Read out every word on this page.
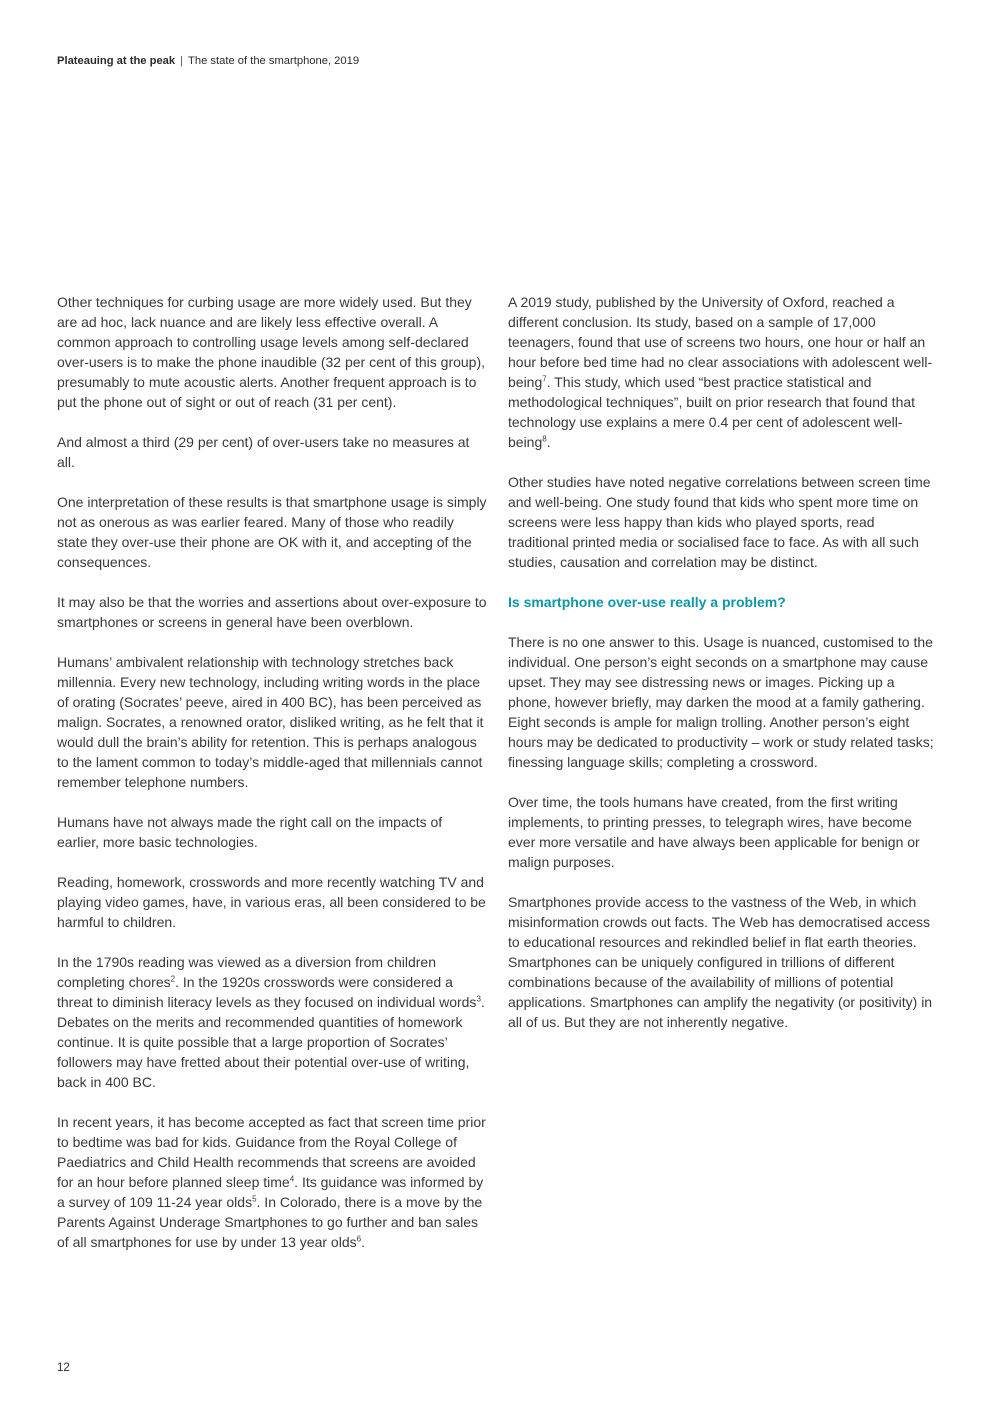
Plateauing at the peak | The state of the smartphone, 2019

Other techniques for curbing usage are more widely used. But they are ad hoc, lack nuance and are likely less effective overall. A common approach to controlling usage levels among self-declared over-users is to make the phone inaudible (32 per cent of this group), presumably to mute acoustic alerts. Another frequent approach is to put the phone out of sight or out of reach (31 per cent).

And almost a third (29 per cent) of over-users take no measures at all.

One interpretation of these results is that smartphone usage is simply not as onerous as was earlier feared. Many of those who readily state they over-use their phone are OK with it, and accepting of the consequences.

It may also be that the worries and assertions about over-exposure to smartphones or screens in general have been overblown.

Humans’ ambivalent relationship with technology stretches back millennia. Every new technology, including writing words in the place of orating (Socrates’ peeve, aired in 400 BC), has been perceived as malign. Socrates, a renowned orator, disliked writing, as he felt that it would dull the brain’s ability for retention. This is perhaps analogous to the lament common to today’s middle-aged that millennials cannot remember telephone numbers.

Humans have not always made the right call on the impacts of earlier, more basic technologies.

Reading, homework, crosswords and more recently watching TV and playing video games, have, in various eras, all been considered to be harmful to children.

In the 1790s reading was viewed as a diversion from children completing chores$^2$. In the 1920s crosswords were considered a threat to diminish literacy levels as they focused on individual words$^3$. Debates on the merits and recommended quantities of homework continue. It is quite possible that a large proportion of Socrates’ followers may have fretted about their potential over-use of writing, back in 400 BC.

In recent years, it has become accepted as fact that screen time prior to bedtime was bad for kids. Guidance from the Royal College of Paediatrics and Child Health recommends that screens are avoided for an hour before planned sleep time$^4$. Its guidance was informed by a survey of 109 11-24 year olds$^5$. In Colorado, there is a move by the Parents Against Underage Smartphones to go further and ban sales of all smartphones for use by under 13 year olds$^6$.

A 2019 study, published by the University of Oxford, reached a different conclusion. Its study, based on a sample of 17,000 teenagers, found that use of screens two hours, one hour or half an hour before bed time had no clear associations with adolescent well-being$^7$. This study, which used “best practice statistical and methodological techniques”, built on prior research that found that technology use explains a mere 0.4 per cent of adolescent well-being$^8$.

Other studies have noted negative correlations between screen time and well-being. One study found that kids who spent more time on screens were less happy than kids who played sports, read traditional printed media or socialised face to face. As with all such studies, causation and correlation may be distinct.

Is smartphone over-use really a problem?

There is no one answer to this. Usage is nuanced, customised to the individual. One person’s eight seconds on a smartphone may cause upset. They may see distressing news or images. Picking up a phone, however briefly, may darken the mood at a family gathering. Eight seconds is ample for malign trolling. Another person’s eight hours may be dedicated to productivity – work or study related tasks; finessing language skills; completing a crossword.

Over time, the tools humans have created, from the first writing implements, to printing presses, to telegraph wires, have become ever more versatile and have always been applicable for benign or malign purposes.

Smartphones provide access to the vastness of the Web, in which misinformation crowds out facts. The Web has democratised access to educational resources and rekindled belief in flat earth theories. Smartphones can be uniquely configured in trillions of different combinations because of the availability of millions of potential applications. Smartphones can amplify the negativity (or positivity) in all of us. But they are not inherently negative.

12
